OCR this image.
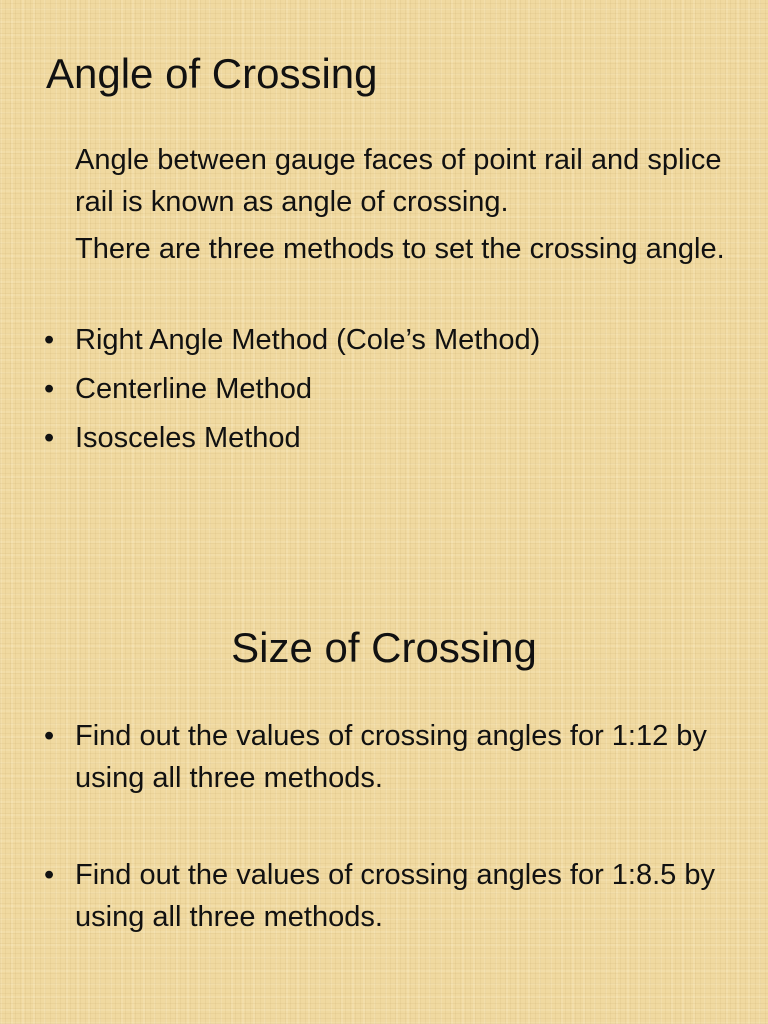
Angle of Crossing

Angle between gauge faces of point rail and splice rail is known as angle of crossing.

There are three methods to set the crossing angle.

• Right Angle Method (Cole’s Method)
• Centerline Method
• Isosceles Method
Size of Crossing
• Find out the values of crossing angles for 1:12 by using all three methods.
• Find out the values of crossing angles for 1:8.5 by using all three methods.
